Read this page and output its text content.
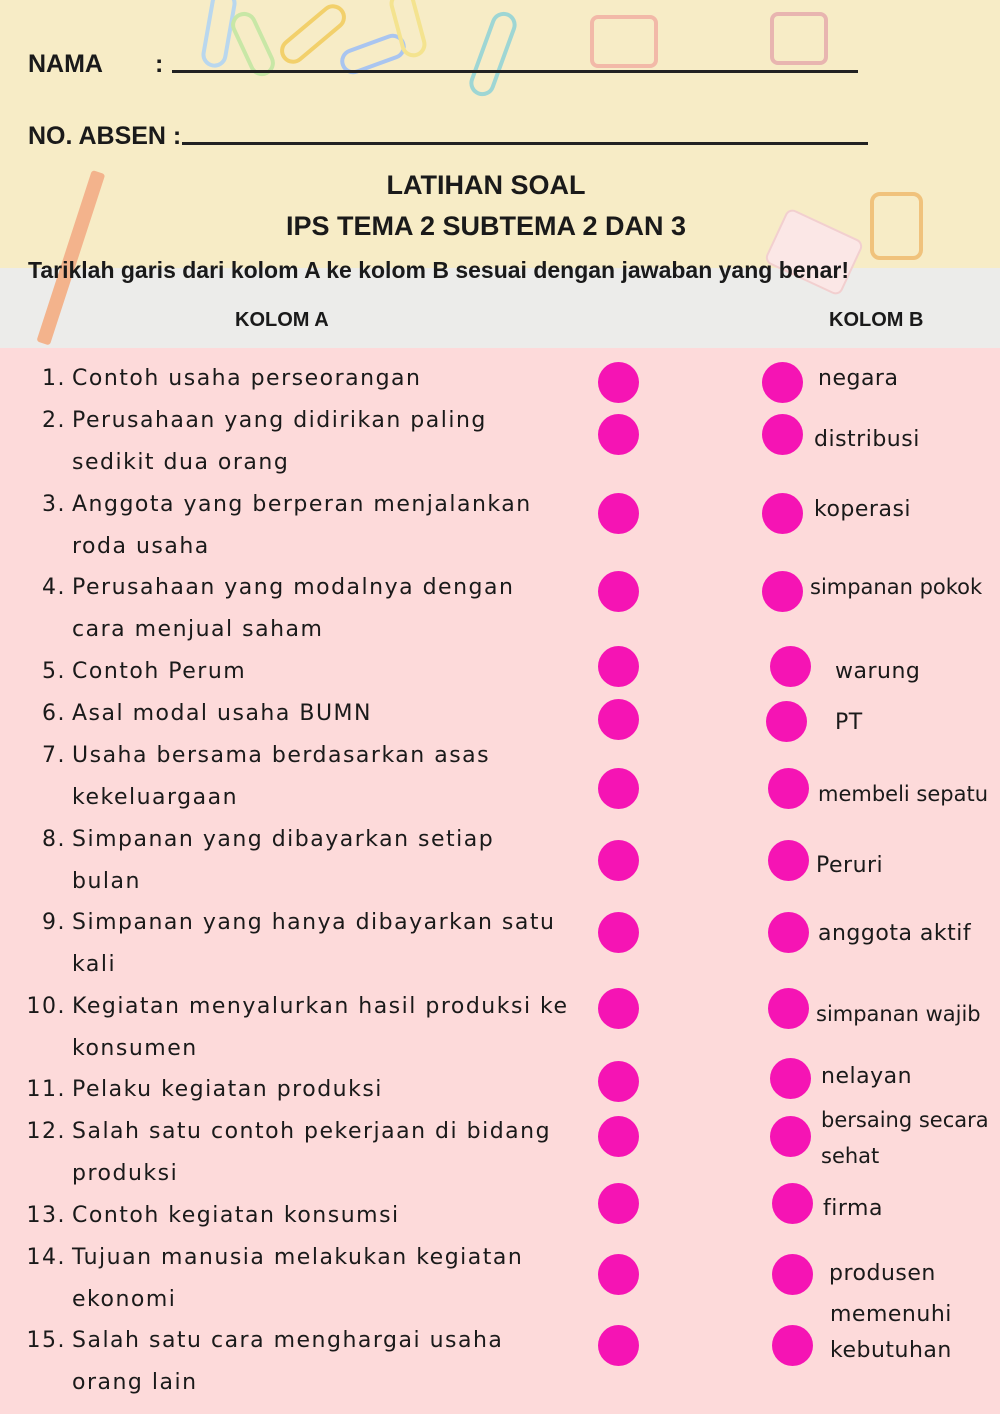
NAMA :
NO. ABSEN :
LATIHAN SOAL
IPS TEMA 2 SUBTEMA 2 DAN 3
Tariklah garis dari kolom A ke kolom B sesuai dengan jawaban yang benar!
KOLOM A	KOLOM B
1. Contoh usaha perseorangan
2. Perusahaan yang didirikan paling sedikit dua orang
3. Anggota yang berperan menjalankan roda usaha
4. Perusahaan yang modalnya dengan cara menjual saham
5. Contoh Perum
6. Asal modal usaha BUMN
7. Usaha bersama berdasarkan asas kekeluargaan
8. Simpanan yang dibayarkan setiap bulan
9. Simpanan yang hanya dibayarkan satu kali
10. Kegiatan menyalurkan hasil produksi ke konsumen
11. Pelaku kegiatan produksi
12. Salah satu contoh pekerjaan di bidang produksi
13. Contoh kegiatan konsumsi
14. Tujuan manusia melakukan kegiatan ekonomi
15. Salah satu cara menghargai usaha orang lain
negara
distribusi
koperasi
simpanan pokok
warung
PT
membeli sepatu
Peruri
anggota aktif
simpanan wajib
nelayan
bersaing secara sehat
firma
produsen
memenuhi kebutuhan
